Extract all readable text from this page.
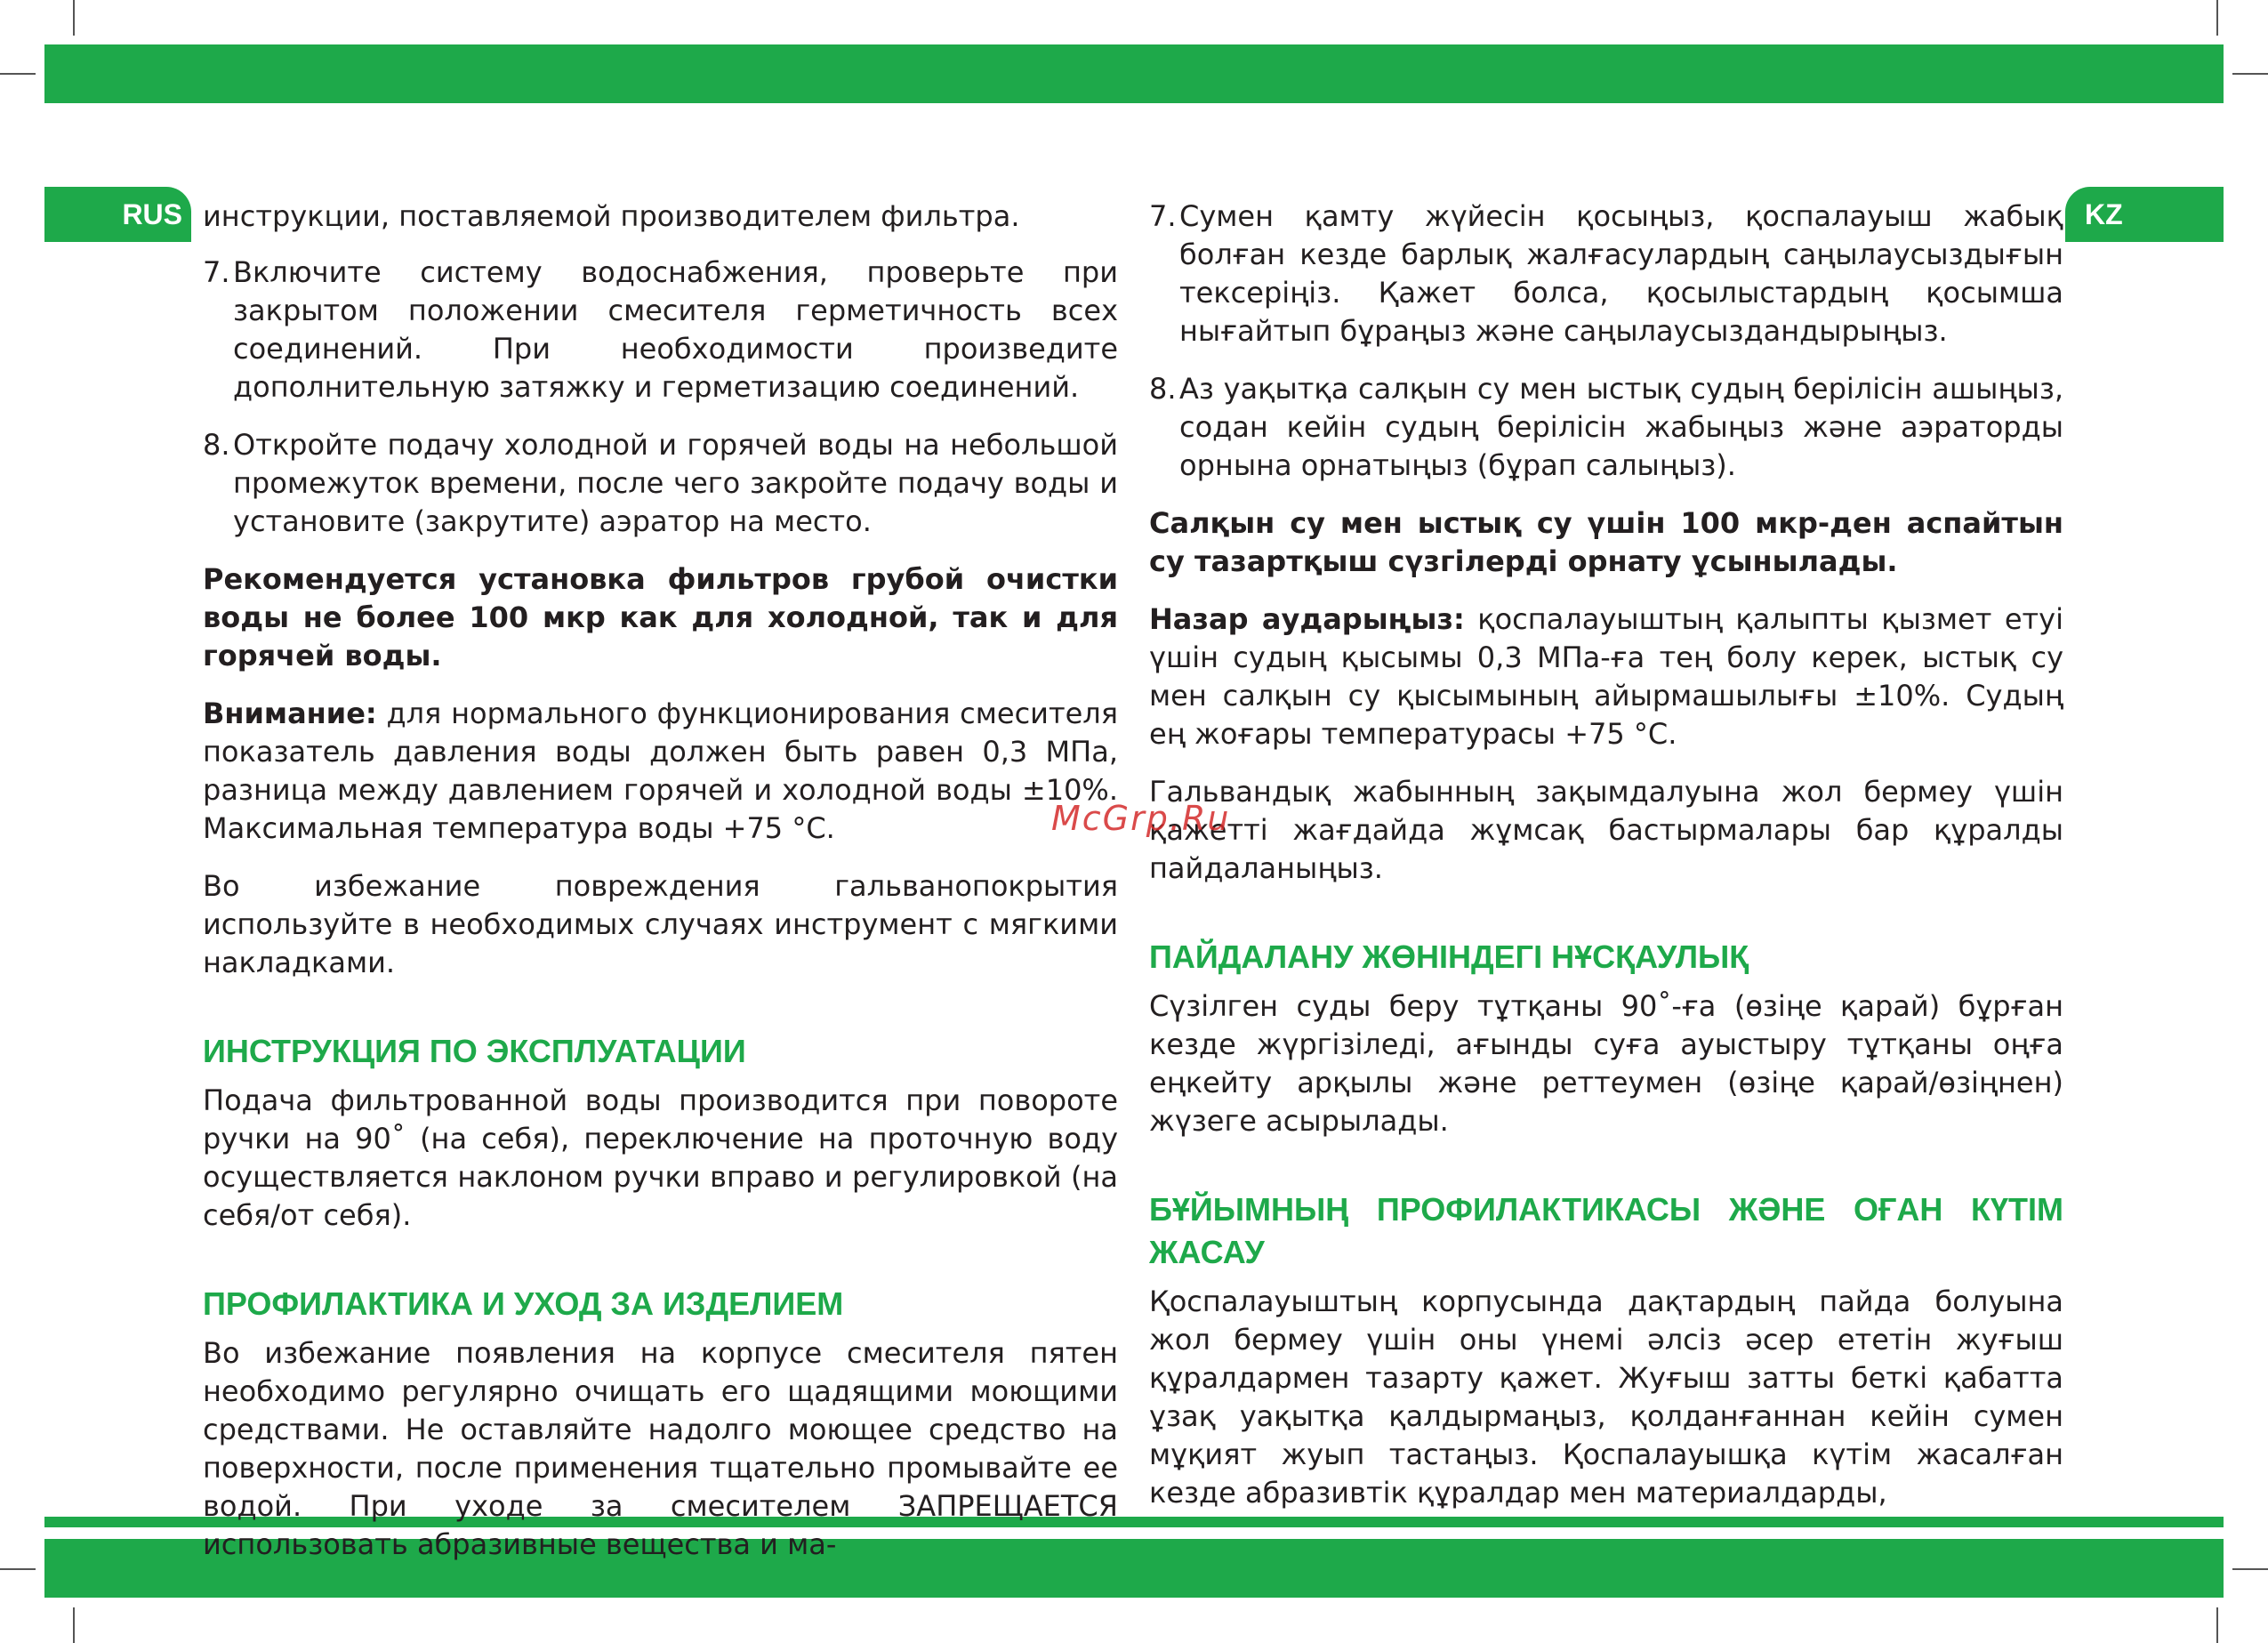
RUS	KZ

инструкции, поставляемой производителем фильтра.

7. Включите систему водоснабжения, проверьте при закрытом положении смесителя герметичность всех соединений. При необходимости произведите дополнительную затяжку и герметизацию соединений.
8. Откройте подачу холодной и горячей воды на небольшой промежуток времени, после чего закройте подачу воды и установите (закрутите) аэратор на место.

Рекомендуется установка фильтров грубой очистки воды не более 100 мкр как для холодной, так и для горячей воды.

Внимание: для нормального функционирования смесителя показатель давления воды должен быть равен 0,3 МПа, разница между давлением горячей и холодной воды ±10%. Максимальная температура воды +75 °C.

Во избежание повреждения гальванопокрытия используйте в необходимых случаях инструмент с мягкими накладками.

ИНСТРУКЦИЯ ПО ЭКСПЛУАТАЦИИ

Подача фильтрованной воды производится при повороте ручки на 90˚ (на себя), переключение на проточную воду осуществляется наклоном ручки вправо и регулировкой (на себя/от себя).

ПРОФИЛАКТИКА И УХОД ЗА ИЗДЕЛИЕМ

Во избежание появления на корпусе смесителя пятен необходимо регулярно очищать его щадящими моющими средствами. Не оставляйте надолго моющее средство на поверхности, после применения тщательно промывайте ее водой. При уходе за смесителем ЗАПРЕЩАЕТСЯ использовать абразивные вещества и ма-

7. Сумен қамту жүйесін қосыңыз, қоспалауыш жабық болған кезде барлық жалғасулардың саңылаусыздығын тексеріңіз. Қажет болса, қосылыстардың қосымша нығайтып бұраңыз және саңылаусыздандырыңыз.
8. Аз уақытқа салқын су мен ыстық судың берілісін ашыңыз, содан кейін судың берілісін жабыңыз және аэраторды орнына орнатыңыз (бұрап салыңыз).

Салқын су мен ыстық су үшін 100 мкр-ден аспайтын су тазартқыш сүзгілерді орнату ұсынылады.

Назар аударыңыз: қоспалауыштың қалыпты қызмет етуі үшін судың қысымы 0,3 МПа-ға тең болу керек, ыстық су мен салқын су қысымының айырмашылығы ±10%. Судың ең жоғары температурасы +75 °C.

Гальвандық жабынның зақымдалуына жол бермеу үшін қажетті жағдайда жұмсақ бастырмалары бар құралды пайдаланыңыз.

ПАЙДАЛАНУ ЖӨНІНДЕГІ НҰСҚАУЛЫҚ

Сүзілген суды беру тұтқаны 90˚-ға (өзіңе қарай) бұрған кезде жүргізіледі, ағынды суға ауыстыру тұтқаны оңға еңкейту арқылы және реттеумен (өзіңе қарай/өзіңнен) жүзеге асырылады.

БҰЙЫМНЫҢ ПРОФИЛАКТИКАСЫ ЖӘНЕ ОҒАН КҮТІМ ЖАСАУ

Қоспалауыштың корпусында дақтардың пайда болуына жол бермеу үшін оны үнемі әлсіз әсер ететін жуғыш құралдармен тазарту қажет. Жуғыш затты беткі қабатта ұзақ уақытқа қалдырмаңыз, қолданғаннан кейін сумен мұқият жуып тастаңыз. Қоспалауышқа күтім жасалған кезде абразивтік құралдар мен материалдарды,

McGrp.Ru
